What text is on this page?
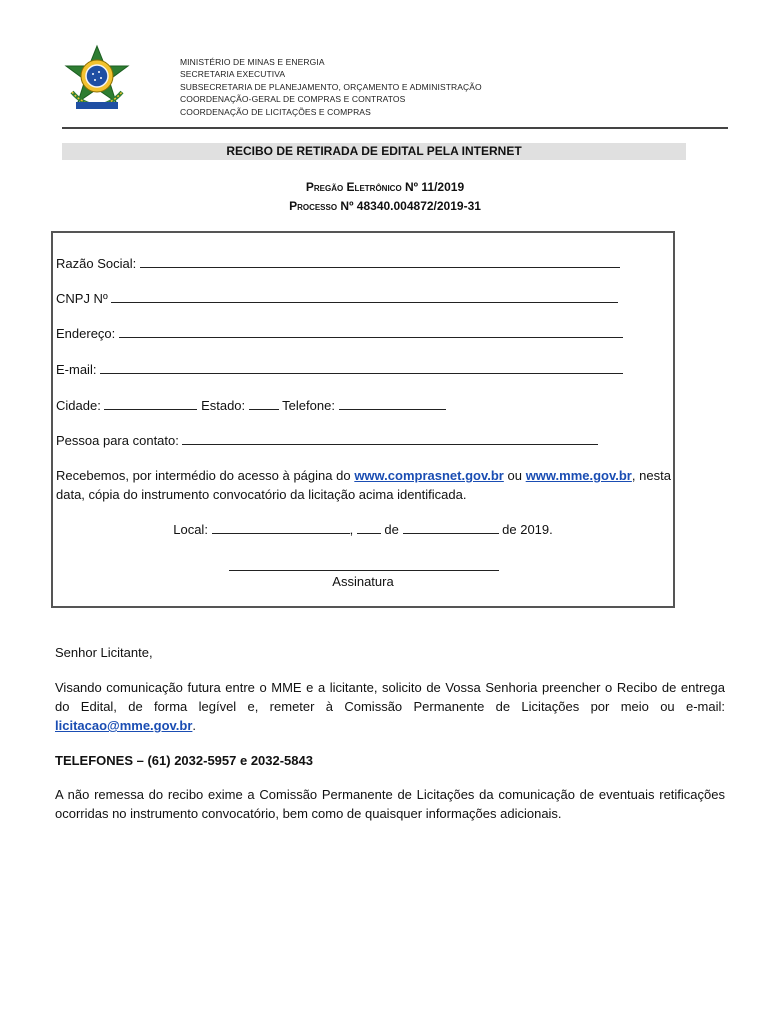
MINISTÉRIO DE MINAS E ENERGIA
SECRETARIA EXECUTIVA
SUBSECRETARIA DE PLANEJAMENTO, ORÇAMENTO E ADMINISTRAÇÃO
COORDENAÇÃO-GERAL DE COMPRAS E CONTRATOS
COORDENAÇÃO DE LICITAÇÕES E COMPRAS
RECIBO DE RETIRADA DE EDITAL PELA INTERNET
Pregão Eletrônico Nº 11/2019
Processo Nº 48340.004872/2019-31
Razão Social:
CNPJ Nº
Endereço:
E-mail:
Cidade:	Estado:	Telefone:
Pessoa para contato:
Recebemos, por intermédio do acesso à página do www.comprasnet.gov.br ou www.mme.gov.br, nesta data, cópia do instrumento convocatório da licitação acima identificada.
Local:	,  de	de 2019.
Assinatura
Senhor Licitante,
Visando comunicação futura entre o MME e a licitante, solicito de Vossa Senhoria preencher o Recibo de entrega do Edital, de forma legível e, remeter à Comissão Permanente de Licitações por meio ou e-mail: licitacao@mme.gov.br.
TELEFONES – (61) 2032-5957 e 2032-5843
A não remessa do recibo exime a Comissão Permanente de Licitações da comunicação de eventuais retificações ocorridas no instrumento convocatório, bem como de quaisquer informações adicionais.
